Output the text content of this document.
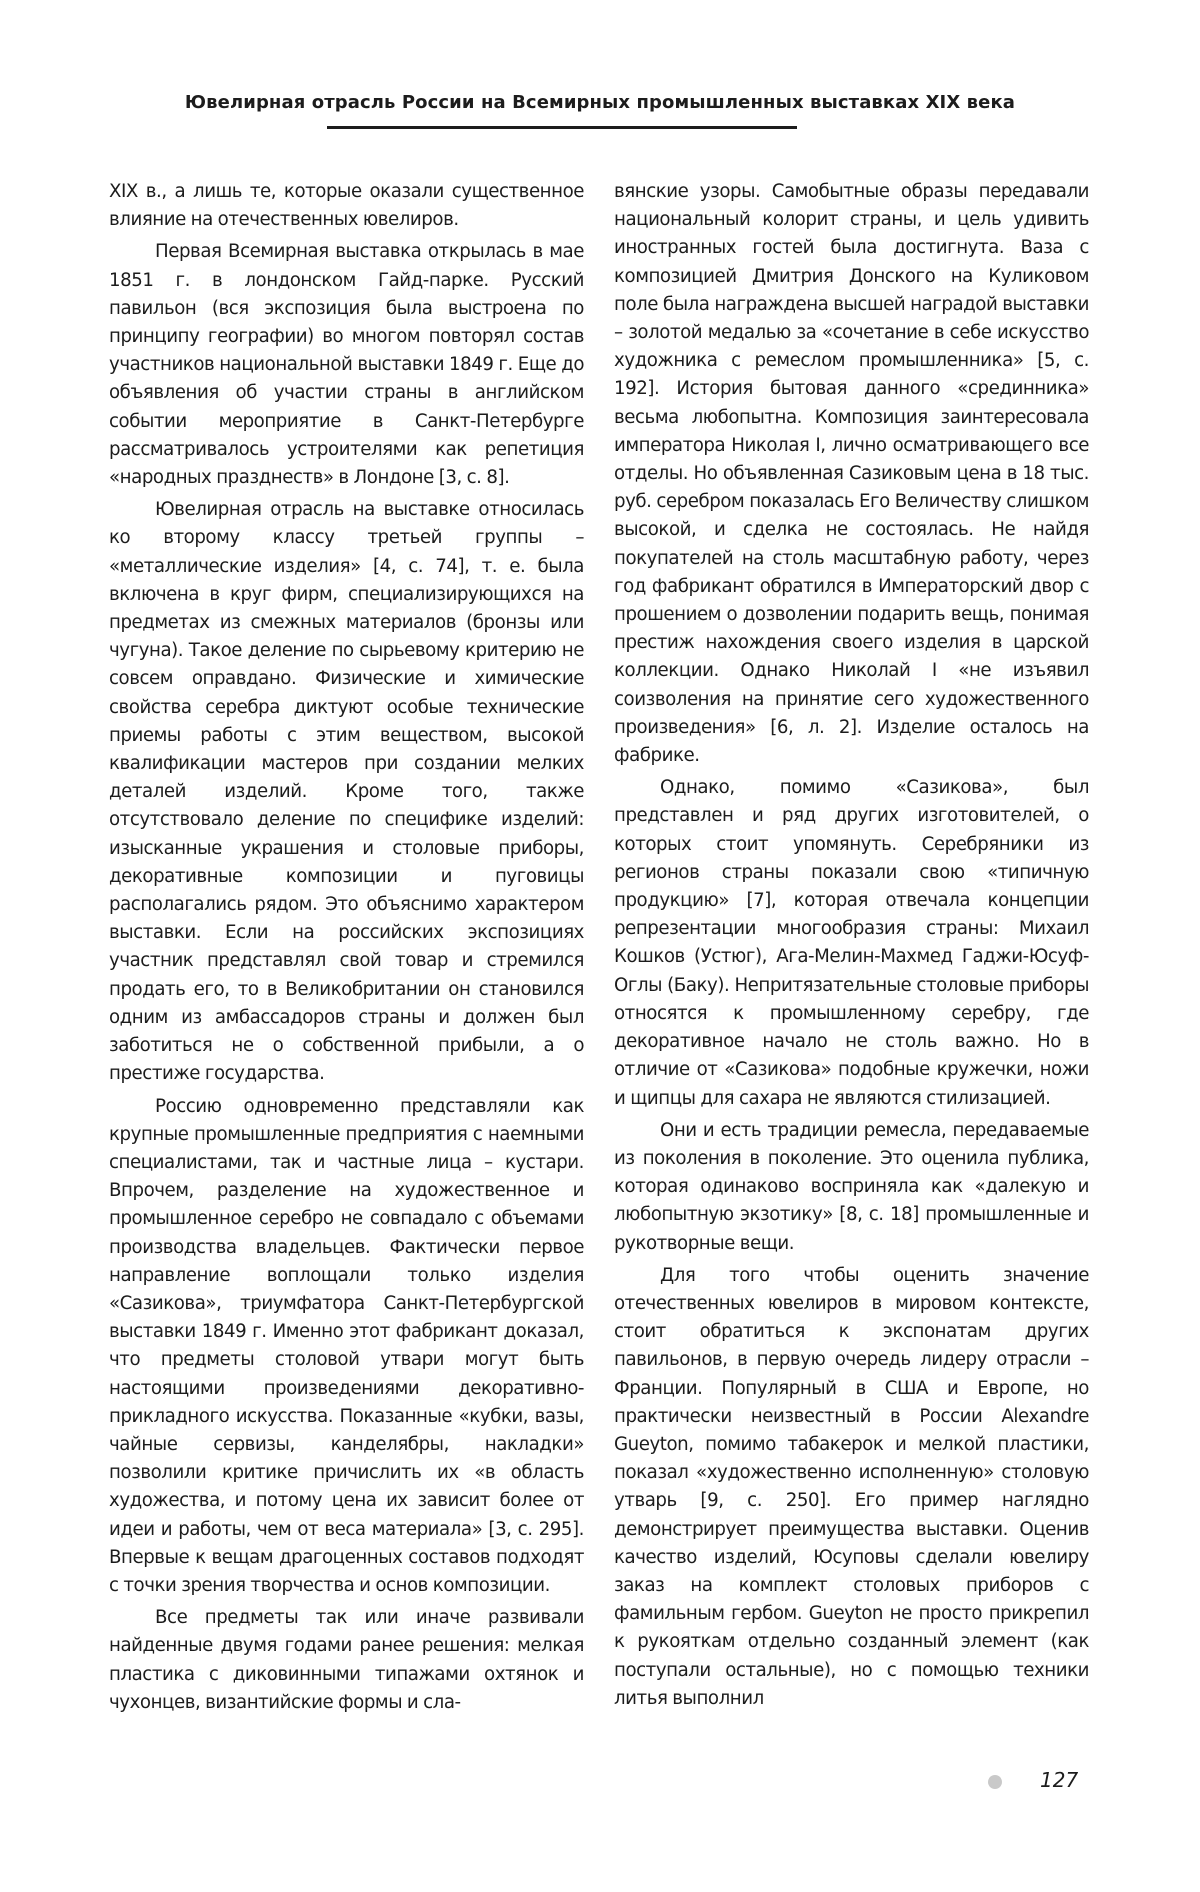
Ювелирная отрасль России на Всемирных промышленных выставках XIX века

XIX в., а лишь те, которые оказали существенное влияние на отечественных ювелиров.

Первая Всемирная выставка открылась в мае 1851 г. в лондонском Гайд-парке. Русский павильон (вся экспозиция была выстроена по принципу географии) во многом повторял состав участников национальной выставки 1849 г. Еще до объявления об участии страны в английском событии мероприятие в Санкт-Петербурге рассматривалось устроителями как репетиция «народных празднеств» в Лондоне [3, с. 8].

Ювелирная отрасль на выставке относилась ко второму классу третьей группы – «металлические изделия» [4, с. 74], т. е. была включена в круг фирм, специализирующихся на предметах из смежных материалов (бронзы или чугуна). Такое деление по сырьевому критерию не совсем оправдано. Физические и химические свойства серебра диктуют особые технические приемы работы с этим веществом, высокой квалификации мастеров при создании мелких деталей изделий. Кроме того, также отсутствовало деление по специфике изделий: изысканные украшения и столовые приборы, декоративные композиции и пуговицы располагались рядом. Это объяснимо характером выставки. Если на российских экспозициях участник представлял свой товар и стремился продать его, то в Великобритании он становился одним из амбассадоров страны и должен был заботиться не о собственной прибыли, а о престиже государства.

Россию одновременно представляли как крупные промышленные предприятия с наемными специалистами, так и частные лица – кустари. Впрочем, разделение на художественное и промышленное серебро не совпадало с объемами производства владельцев. Фактически первое направление воплощали только изделия «Сазикова», триумфатора Санкт-Петербургской выставки 1849 г. Именно этот фабрикант доказал, что предметы столовой утвари могут быть настоящими произведениями декоративно-прикладного искусства. Показанные «кубки, вазы, чайные сервизы, канделябры, накладки» позволили критике причислить их «в область художества, и потому цена их зависит более от идеи и работы, чем от веса материала» [3, с. 295]. Впервые к вещам драгоценных составов подходят с точки зрения творчества и основ композиции.

Все предметы так или иначе развивали найденные двумя годами ранее решения: мелкая пластика с диковинными типажами охтянок и чухонцев, византийские формы и сла-

вянские узоры. Самобытные образы передавали национальный колорит страны, и цель удивить иностранных гостей была достигнута. Ваза с композицией Дмитрия Донского на Куликовом поле была награждена высшей наградой выставки – золотой медалью за «сочетание в себе искусство художника с ремеслом промышленника» [5, с. 192]. История бытовая данного «срединника» весьма любопытна. Композиция заинтересовала императора Николая I, лично осматривающего все отделы. Но объявленная Сазиковым цена в 18 тыс. руб. серебром показалась Его Величеству слишком высокой, и сделка не состоялась. Не найдя покупателей на столь масштабную работу, через год фабрикант обратился в Императорский двор с прошением о дозволении подарить вещь, понимая престиж нахождения своего изделия в царской коллекции. Однако Николай I «не изъявил соизволения на принятие сего художественного произведения» [6, л. 2]. Изделие осталось на фабрике.

Однако, помимо «Сазикова», был представлен и ряд других изготовителей, о которых стоит упомянуть. Серебряники из регионов страны показали свою «типичную продукцию» [7], которая отвечала концепции репрезентации многообразия страны: Михаил Кошков (Устюг), Ага-Мелин-Махмед Гаджи-Юсуф-Оглы (Баку). Непритязательные столовые приборы относятся к промышленному серебру, где декоративное начало не столь важно. Но в отличие от «Сазикова» подобные кружечки, ножи и щипцы для сахара не являются стилизацией.

Они и есть традиции ремесла, передаваемые из поколения в поколение. Это оценила публика, которая одинаково восприняла как «далекую и любопытную экзотику» [8, с. 18] промышленные и рукотворные вещи.

Для того чтобы оценить значение отечественных ювелиров в мировом контексте, стоит обратиться к экспонатам других павильонов, в первую очередь лидеру отрасли – Франции. Популярный в США и Европе, но практически неизвестный в России Alexandre Gueyton, помимо табакерок и мелкой пластики, показал «художественно исполненную» столовую утварь [9, с. 250]. Его пример наглядно демонстрирует преимущества выставки. Оценив качество изделий, Юсуповы сделали ювелиру заказ на комплект столовых приборов с фамильным гербом. Gueyton не просто прикрепил к рукояткам отдельно созданный элемент (как поступали остальные), но с помощью техники литья выполнил

127
